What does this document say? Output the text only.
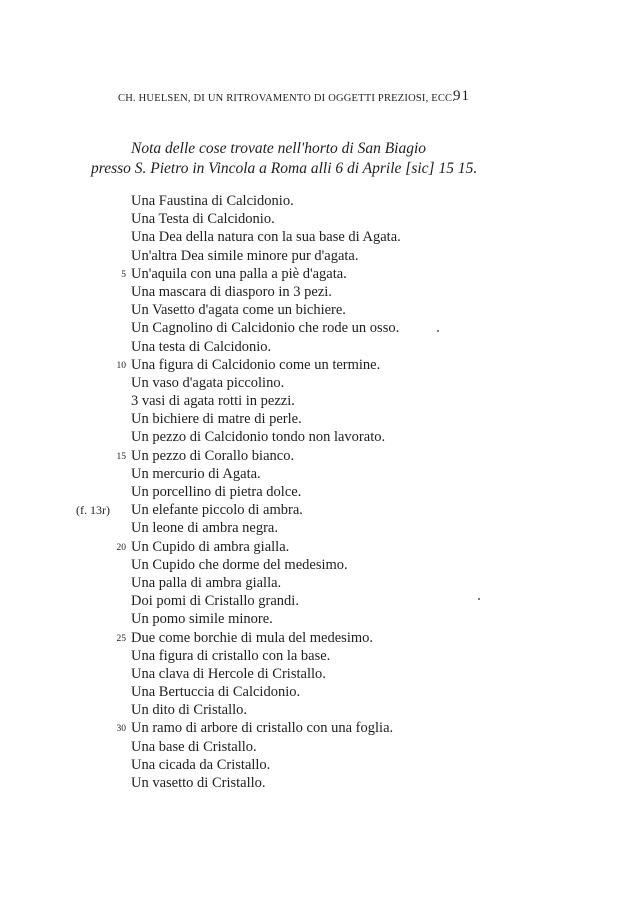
CH. HUELSEN, DI UN RITROVAMENTO DI OGGETTI PREZIOSI, ECC.
91
Nota delle cose trovate nell'horto di San Biagio
presso S. Pietro in Vincola a Roma alli 6 di Aprile [sic] 15 15.
Una Faustina di Calcidonio.
Una Testa di Calcidonio.
Una Dea della natura con la sua base di Agata.
Un'altra Dea simile minore pur d'agata.
5 Un'aquila con una palla a piè d'agata.
Una mascara di diasporo in 3 pezi.
Un Vasetto d'agata come un bichiere.
Un Cagnolino di Calcidonio che rode un osso.
Una testa di Calcidonio.
10 Una figura di Calcidonio come un termine.
Un vaso d'agata piccolino.
3 vasi di agata rotti in pezzi.
Un bichiere di matre di perle.
Un pezzo di Calcidonio tondo non lavorato.
15 Un pezzo di Corallo bianco.
Un mercurio di Agata.
Un porcellino di pietra dolce.
(f. 13r) Un elefante piccolo di ambra.
Un leone di ambra negra.
20 Un Cupido di ambra gialla.
Un Cupido che dorme del medesimo.
Una palla di ambra gialla.
Doi pomi di Cristallo grandi.
Un pomo simile minore.
25 Due come borchie di mula del medesimo.
Una figura di cristallo con la base.
Una clava di Hercole di Cristallo.
Una Bertuccia di Calcidonio.
Un dito di Cristallo.
30 Un ramo di arbore di cristallo con una foglia.
Una base di Cristallo.
Una cicada da Cristallo.
Un vasetto di Cristallo.
